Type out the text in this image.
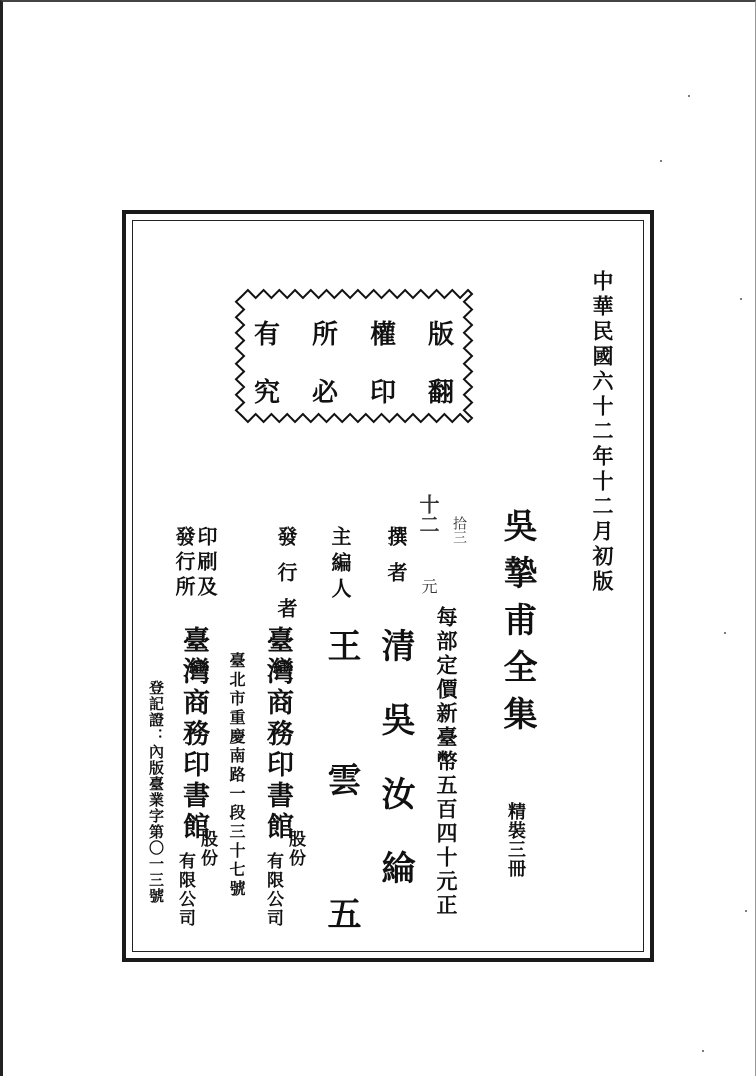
版
權
所
有
翻
印
必
究	中華民國六十二年十二月初版
吳摯甫全集
精裝三冊
每部定價新臺幣五百四十元正
拾三
十二
元
撰者
清吳汝綸
主編人
王雲五
發行者
臺灣商務印書館
股份
有限公司
臺北市重慶南路一段三十七號
印刷及
發行所
臺灣商務印書館
股份
有限公司
登記證：內版臺業字第〇一三號
